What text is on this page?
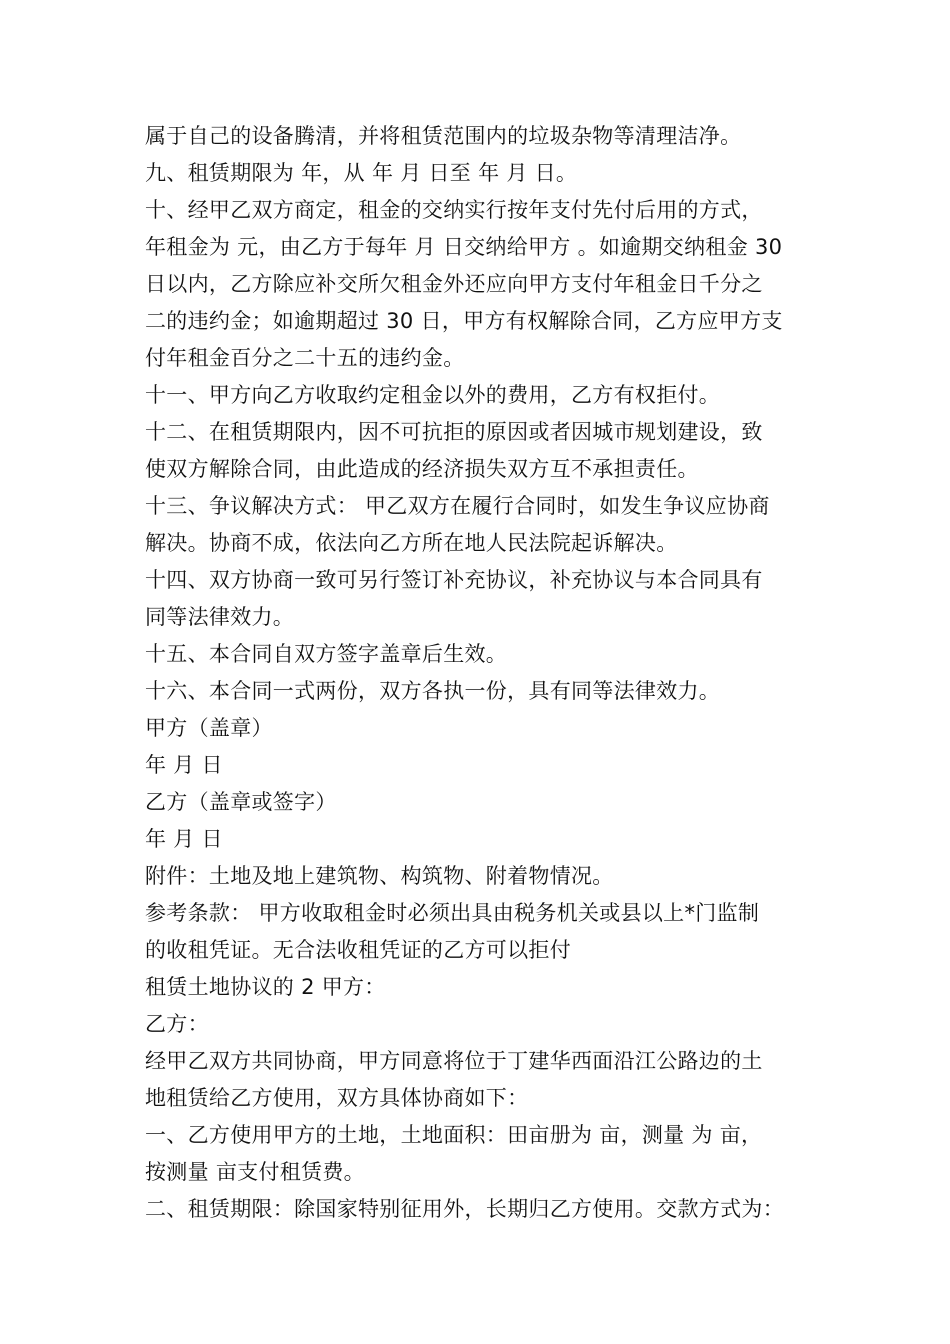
属于自己的设备腾清，并将租赁范围内的垃圾杂物等清理洁净。
九、租赁期限为 年，从 年 月 日至 年 月 日。
十、经甲乙双方商定，租金的交纳实行按年支付先付后用的方式，
年租金为 元，由乙方于每年 月 日交纳给甲方 。如逾期交纳租金 30
日以内，乙方除应补交所欠租金外还应向甲方支付年租金日千分之
二的违约金；如逾期超过 30 日，甲方有权解除合同，乙方应甲方支
付年租金百分之二十五的违约金。
十一、甲方向乙方收取约定租金以外的费用，乙方有权拒付。
十二、在租赁期限内，因不可抗拒的原因或者因城市规划建设，致
使双方解除合同，由此造成的经济损失双方互不承担责任。
十三、争议解决方式： 甲乙双方在履行合同时，如发生争议应协商
解决。协商不成，依法向乙方所在地人民法院起诉解决。
十四、双方协商一致可另行签订补充协议，补充协议与本合同具有
同等法律效力。
十五、本合同自双方签字盖章后生效。
十六、本合同一式两份，双方各执一份，具有同等法律效力。
甲方（盖章）
年 月 日
乙方（盖章或签字）
年 月 日
附件：土地及地上建筑物、构筑物、附着物情况。
参考条款： 甲方收取租金时必须出具由税务机关或县以上*门监制
的收租凭证。无合法收租凭证的乙方可以拒付
租赁土地协议的 2 甲方：
乙方：
经甲乙双方共同协商，甲方同意将位于丁建华西面沿江公路边的土
地租赁给乙方使用，双方具体协商如下：
一、乙方使用甲方的土地，土地面积：田亩册为 亩，测量 为 亩，
按测量 亩支付租赁费。
二、租赁期限：除国家特别征用外，长期归乙方使用。交款方式为：
